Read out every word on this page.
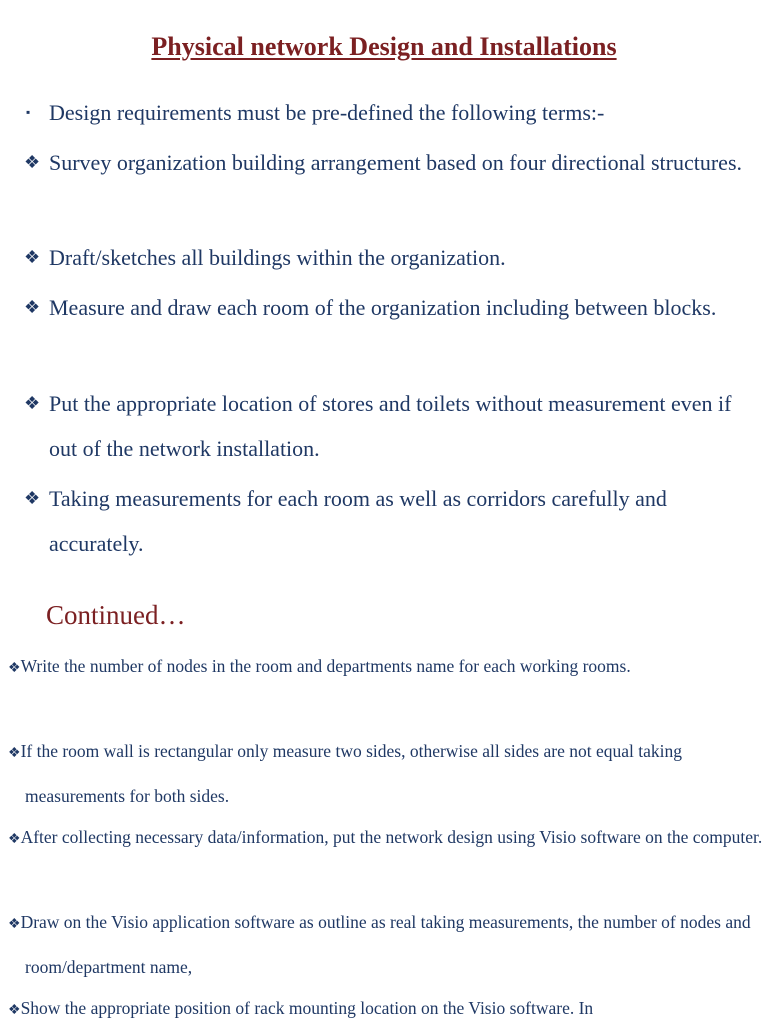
Physical network Design and Installations
▪ Design requirements must be pre-defined the following terms:-
❖ Survey organization building arrangement based on four directional structures.
❖ Draft/sketches all buildings within the organization.
❖ Measure and draw each room of the organization including between blocks.
❖ Put the appropriate location of stores and toilets without measurement even if out of the network installation.
❖ Taking measurements for each room as well as corridors carefully and accurately.
Continued…
❖Write the number of nodes in the room and departments name for each working rooms.
❖If the room wall is rectangular only measure two sides, otherwise all sides are not equal taking measurements for both sides.
❖After collecting necessary data/information, put the network design using Visio software on the computer.
❖Draw on the Visio application software as outline as real taking measurements, the number of nodes and room/department name,
❖Show the appropriate position of rack mounting location on the Visio software. In
